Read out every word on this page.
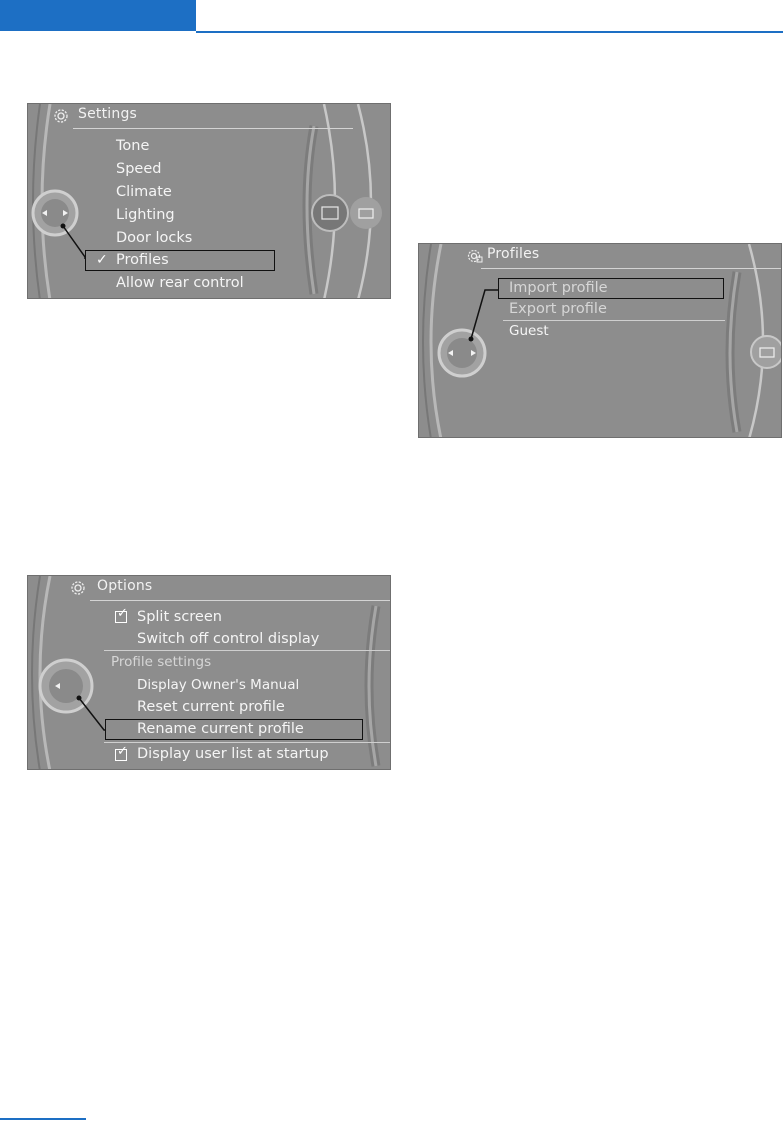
Settings
Tone
Speed
Climate
Lighting
Door locks
✓ Profiles
Allow rear control
Profiles
Import profile
Export profile
Guest
Options
✓ Split screen
Switch off control display
Profile settings
Display Owner's Manual
Reset current profile
Rename current profile
✓ Display user list at startup
